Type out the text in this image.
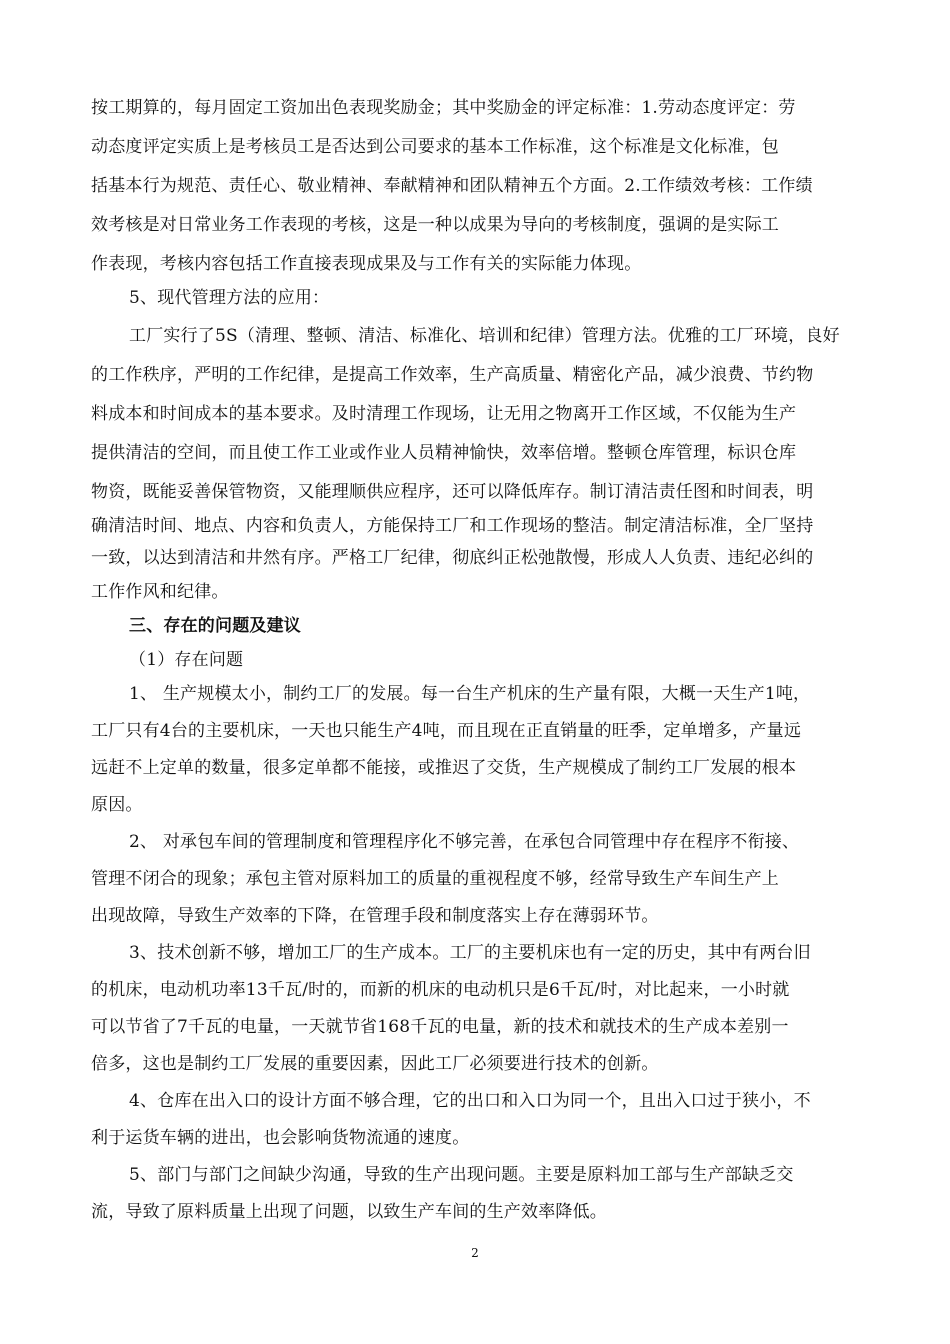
按工期算的，每月固定工资加出色表现奖励金；其中奖励金的评定标准：1.劳动态度评定：劳
动态度评定实质上是考核员工是否达到公司要求的基本工作标准，这个标准是文化标准，包
括基本行为规范、责任心、敬业精神、奉献精神和团队精神五个方面。2.工作绩效考核：工作绩
效考核是对日常业务工作表现的考核，这是一种以成果为导向的考核制度，强调的是实际工
作表现，考核内容包括工作直接表现成果及与工作有关的实际能力体现。
5、现代管理方法的应用：
工厂实行了5S（清理、整顿、清洁、标准化、培训和纪律）管理方法。优雅的工厂环境，良好
的工作秩序，严明的工作纪律，是提高工作效率，生产高质量、精密化产品，减少浪费、节约物
料成本和时间成本的基本要求。及时清理工作现场，让无用之物离开工作区域，不仅能为生产
提供清洁的空间，而且使工作工业或作业人员精神愉快，效率倍增。整顿仓库管理，标识仓库
物资，既能妥善保管物资，又能理顺供应程序，还可以降低库存。制订清洁责任图和时间表，明
确清洁时间、地点、内容和负责人，方能保持工厂和工作现场的整洁。制定清洁标准，全厂坚持
一致，以达到清洁和井然有序。严格工厂纪律，彻底纠正松弛散慢，形成人人负责、违纪必纠的
工作作风和纪律。
三、存在的问题及建议
（1）存在问题
1、 生产规模太小，制约工厂的发展。每一台生产机床的生产量有限，大概一天生产1吨，
工厂只有4台的主要机床，一天也只能生产4吨，而且现在正直销量的旺季，定单增多，产量远
远赶不上定单的数量，很多定单都不能接，或推迟了交货，生产规模成了制约工厂发展的根本
原因。
2、 对承包车间的管理制度和管理程序化不够完善，在承包合同管理中存在程序不衔接、
管理不闭合的现象；承包主管对原料加工的质量的重视程度不够，经常导致生产车间生产上
出现故障，导致生产效率的下降，在管理手段和制度落实上存在薄弱环节。
3、技术创新不够，增加工厂的生产成本。工厂的主要机床也有一定的历史，其中有两台旧
的机床，电动机功率13千瓦/时的，而新的机床的电动机只是6千瓦/时，对比起来，一小时就
可以节省了7千瓦的电量，一天就节省168千瓦的电量，新的技术和就技术的生产成本差别一
倍多，这也是制约工厂发展的重要因素，因此工厂必须要进行技术的创新。
4、仓库在出入口的设计方面不够合理，它的出口和入口为同一个，且出入口过于狭小，不
利于运货车辆的进出，也会影响货物流通的速度。
5、部门与部门之间缺少沟通，导致的生产出现问题。主要是原料加工部与生产部缺乏交
流，导致了原料质量上出现了问题，以致生产车间的生产效率降低。
2
